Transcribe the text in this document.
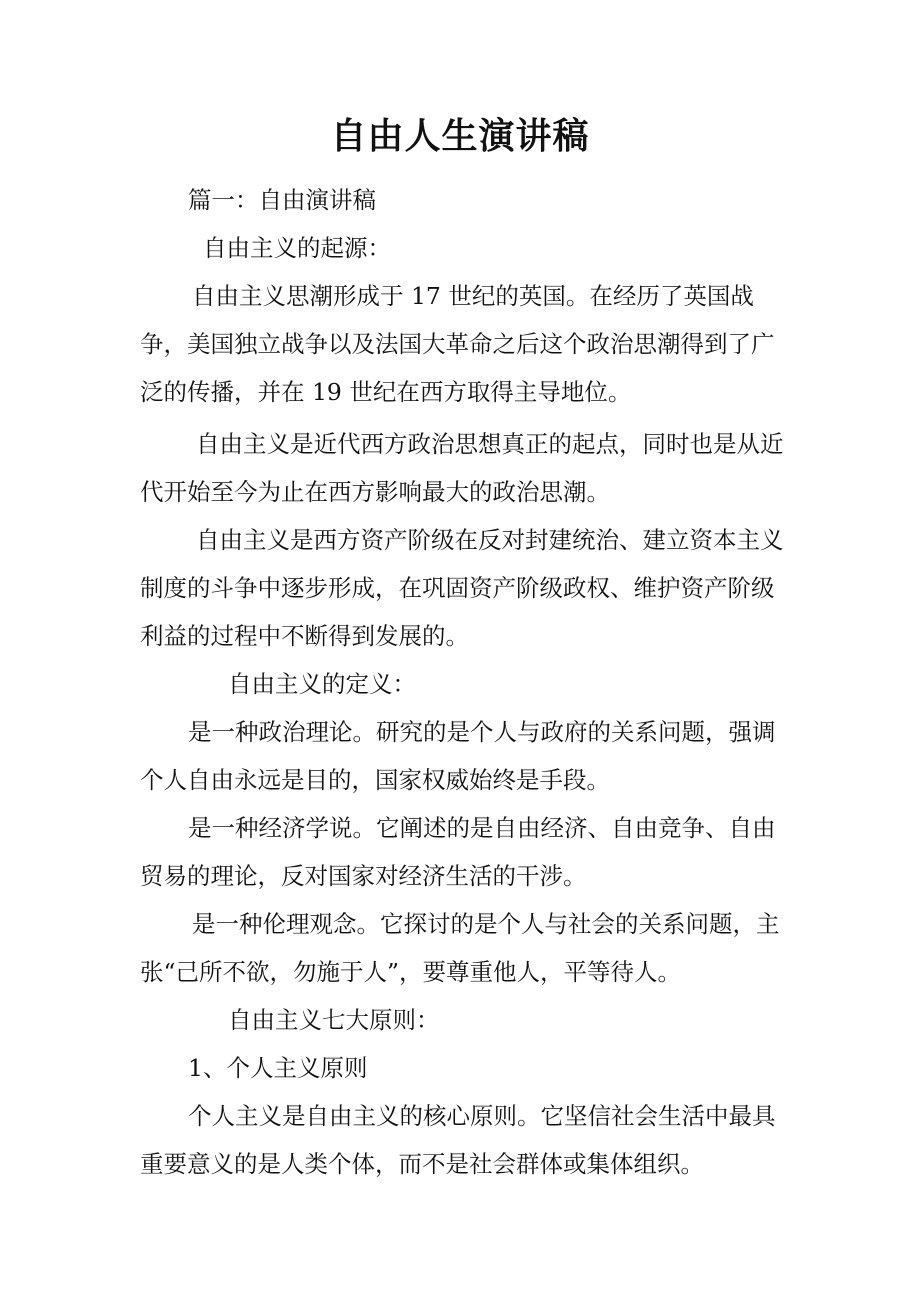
自由人生演讲稿

篇一：自由演讲稿

自由主义的起源：

自由主义思潮形成于 17 世纪的英国。在经历了英国战争，美国独立战争以及法国大革命之后这个政治思潮得到了广泛的传播，并在 19 世纪在西方取得主导地位。

自由主义是近代西方政治思想真正的起点，同时也是从近代开始至今为止在西方影响最大的政治思潮。

自由主义是西方资产阶级在反对封建统治、建立资本主义制度的斗争中逐步形成，在巩固资产阶级政权、维护资产阶级利益的过程中不断得到发展的。

自由主义的定义：

是一种政治理论。研究的是个人与政府的关系问题，强调个人自由永远是目的，国家权威始终是手段。

是一种经济学说。它阐述的是自由经济、自由竞争、自由贸易的理论，反对国家对经济生活的干涉。

是一种伦理观念。它探讨的是个人与社会的关系问题，主张“己所不欲，勿施于人”，要尊重他人，平等待人。

自由主义七大原则：

1、个人主义原则

个人主义是自由主义的核心原则。它坚信社会生活中最具重要意义的是人类个体，而不是社会群体或集体组织。
